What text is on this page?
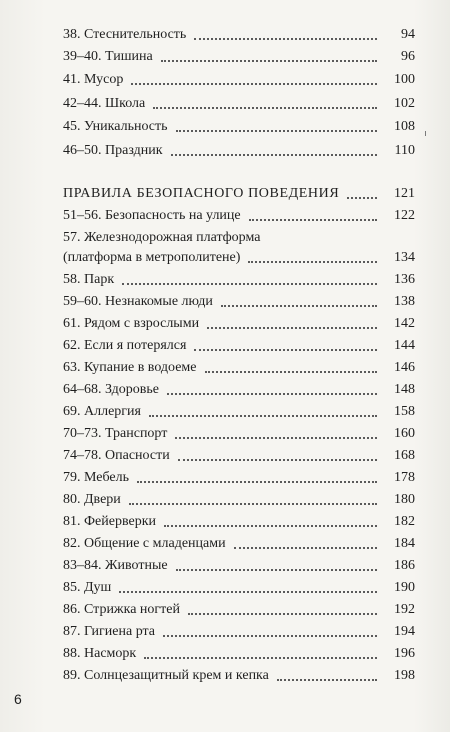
38. Стеснительность	94
39–40. Тишина	96
41. Мусор	100
42–44. Школа	102
45. Уникальность	108
46–50. Праздник	110
ПРАВИЛА БЕЗОПАСНОГО ПОВЕДЕНИЯ	121
51–56. Безопасность на улице	122
57. Железнодорожная платформа
(платформа в метрополитене)	134
58. Парк	136
59–60. Незнакомые люди	138
61. Рядом с взрослыми	142
62. Если я потерялся	144
63. Купание в водоеме	146
64–68. Здоровье	148
69. Аллергия	158
70–73. Транспорт	160
74–78. Опасности	168
79. Мебель	178
80. Двери	180
81. Фейерверки	182
82. Общение с младенцами	184
83–84. Животные	186
85. Душ	190
86. Стрижка ногтей	192
87. Гигиена рта	194
88. Насморк	196
89. Солнцезащитный крем и кепка	198
6
